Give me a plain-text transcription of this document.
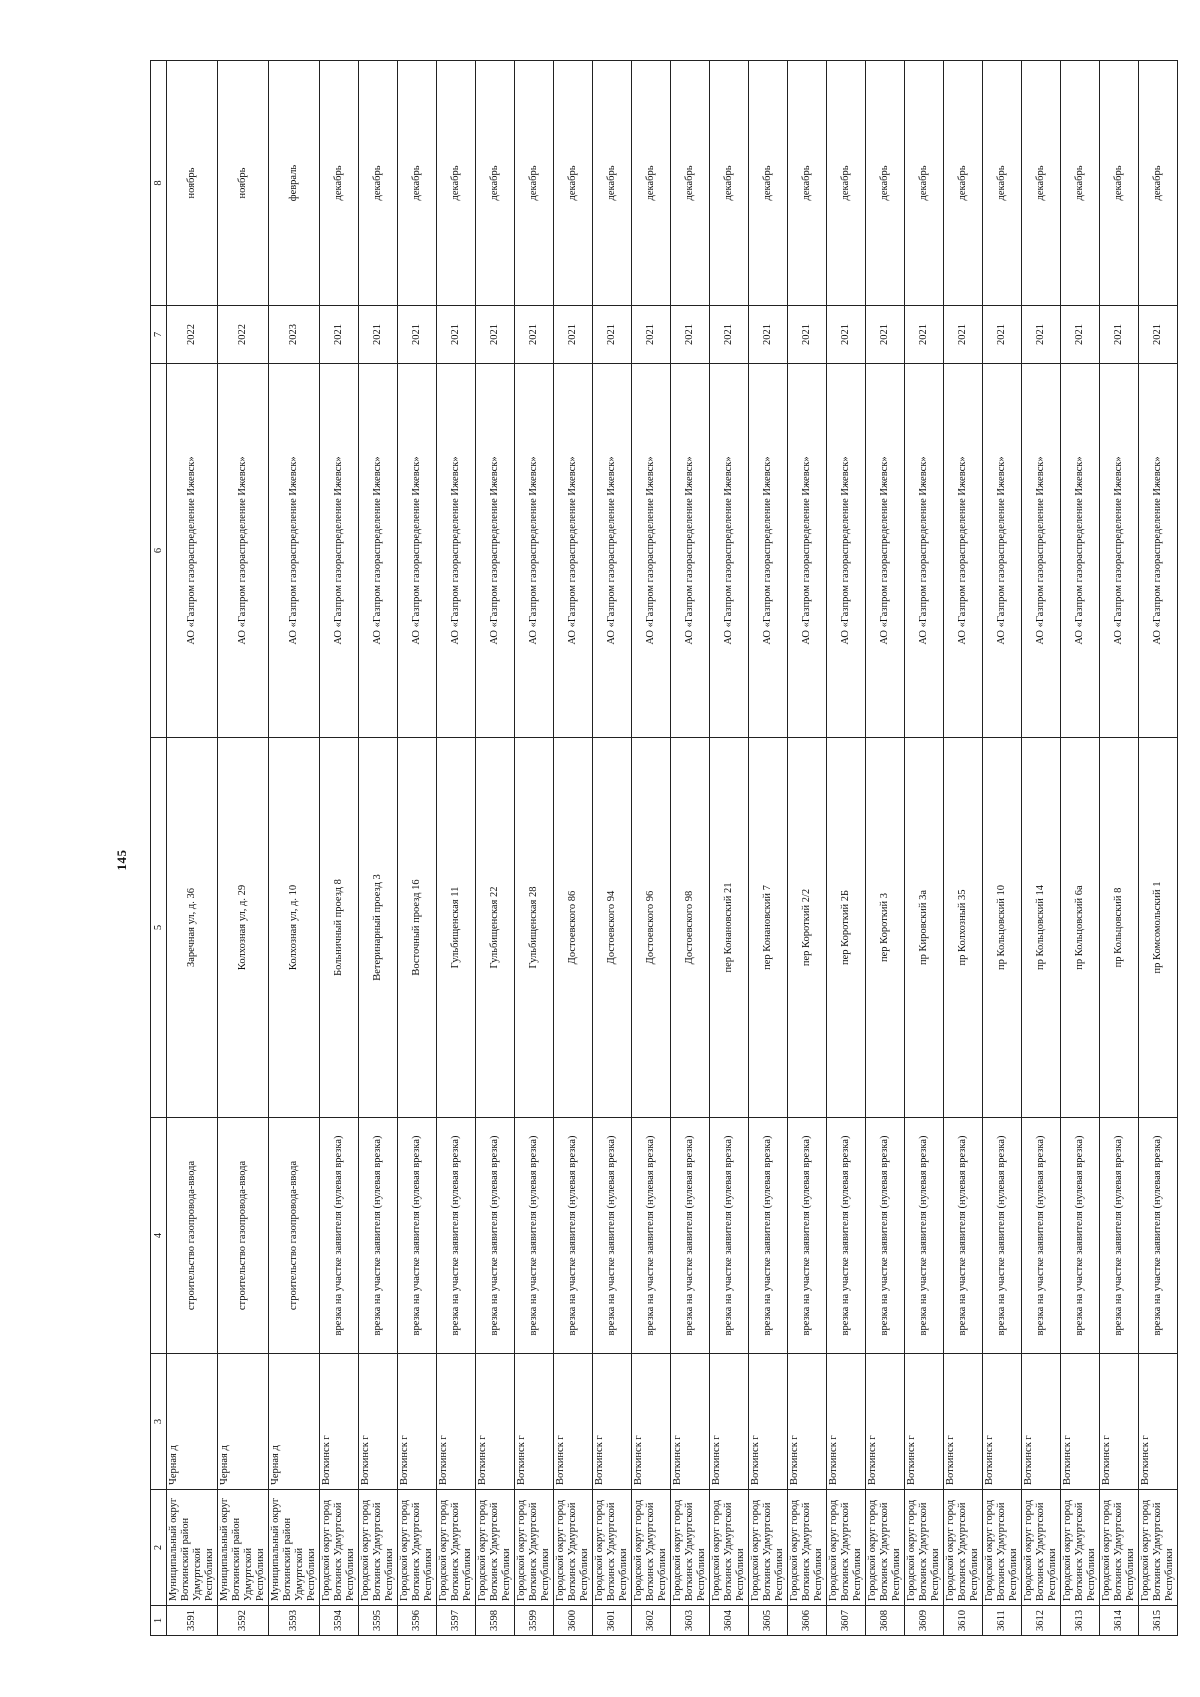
145
1	2	3	4	5	6	7	8
3591	Муниципальный округ Воткинский район Удмуртской Республики	Черная д	строительство газопровода-ввода	Заречная ул, д. 36	АО «Газпром газораспределение Ижевск»	2022	ноябрь
3592	Муниципальный округ Воткинский район Удмуртской Республики	Черная д	строительство газопровода-ввода	Колхозная ул, д. 29	АО «Газпром газораспределение Ижевск»	2022	ноябрь
3593	Муниципальный округ Воткинский район Удмуртской Республики	Черная д	строительство газопровода-ввода	Колхозная ул, д. 10	АО «Газпром газораспределение Ижевск»	2023	февраль
3594	Городской округ город Воткинск Удмуртской Республики	Воткинск г	врезка на участке заявителя (нулевая врезка)	Больничный проезд 8	АО «Газпром газораспределение Ижевск»	2021	декабрь
3595	Городской округ город Воткинск Удмуртской Республики	Воткинск г	врезка на участке заявителя (нулевая врезка)	Ветеринарный проезд 3	АО «Газпром газораспределение Ижевск»	2021	декабрь
3596	Городской округ город Воткинск Удмуртской Республики	Воткинск г	врезка на участке заявителя (нулевая врезка)	Восточный проезд 16	АО «Газпром газораспределение Ижевск»	2021	декабрь
3597	Городской округ город Воткинск Удмуртской Республики	Воткинск г	врезка на участке заявителя (нулевая врезка)	Гульбищенская 11	АО «Газпром газораспределение Ижевск»	2021	декабрь
3598	Городской округ город Воткинск Удмуртской Республики	Воткинск г	врезка на участке заявителя (нулевая врезка)	Гульбищенская 22	АО «Газпром газораспределение Ижевск»	2021	декабрь
3599	Городской округ город Воткинск Удмуртской Республики	Воткинск г	врезка на участке заявителя (нулевая врезка)	Гульбищенская 28	АО «Газпром газораспределение Ижевск»	2021	декабрь
3600	Городской округ город Воткинск Удмуртской Республики	Воткинск г	врезка на участке заявителя (нулевая врезка)	Достоевского 86	АО «Газпром газораспределение Ижевск»	2021	декабрь
3601	Городской округ город Воткинск Удмуртской Республики	Воткинск г	врезка на участке заявителя (нулевая врезка)	Достоевского 94	АО «Газпром газораспределение Ижевск»	2021	декабрь
3602	Городской округ город Воткинск Удмуртской Республики	Воткинск г	врезка на участке заявителя (нулевая врезка)	Достоевского 96	АО «Газпром газораспределение Ижевск»	2021	декабрь
3603	Городской округ город Воткинск Удмуртской Республики	Воткинск г	врезка на участке заявителя (нулевая врезка)	Достоевского 98	АО «Газпром газораспределение Ижевск»	2021	декабрь
3604	Городской округ город Воткинск Удмуртской Республики	Воткинск г	врезка на участке заявителя (нулевая врезка)	пер Конановский 21	АО «Газпром газораспределение Ижевск»	2021	декабрь
3605	Городской округ город Воткинск Удмуртской Республики	Воткинск г	врезка на участке заявителя (нулевая врезка)	пер Конановский 7	АО «Газпром газораспределение Ижевск»	2021	декабрь
3606	Городской округ город Воткинск Удмуртской Республики	Воткинск г	врезка на участке заявителя (нулевая врезка)	пер Короткий 2/2	АО «Газпром газораспределение Ижевск»	2021	декабрь
3607	Городской округ город Воткинск Удмуртской Республики	Воткинск г	врезка на участке заявителя (нулевая врезка)	пер Короткий 2Б	АО «Газпром газораспределение Ижевск»	2021	декабрь
3608	Городской округ город Воткинск Удмуртской Республики	Воткинск г	врезка на участке заявителя (нулевая врезка)	пер Короткий 3	АО «Газпром газораспределение Ижевск»	2021	декабрь
3609	Городской округ город Воткинск Удмуртской Республики	Воткинск г	врезка на участке заявителя (нулевая врезка)	пр Кировский 3а	АО «Газпром газораспределение Ижевск»	2021	декабрь
3610	Городской округ город Воткинск Удмуртской Республики	Воткинск г	врезка на участке заявителя (нулевая врезка)	пр Колхозный 35	АО «Газпром газораспределение Ижевск»	2021	декабрь
3611	Городской округ город Воткинск Удмуртской Республики	Воткинск г	врезка на участке заявителя (нулевая врезка)	пр Кольцовский 10	АО «Газпром газораспределение Ижевск»	2021	декабрь
3612	Городской округ город Воткинск Удмуртской Республики	Воткинск г	врезка на участке заявителя (нулевая врезка)	пр Кольцовский 14	АО «Газпром газораспределение Ижевск»	2021	декабрь
3613	Городской округ город Воткинск Удмуртской Республики	Воткинск г	врезка на участке заявителя (нулевая врезка)	пр Кольцовский 6а	АО «Газпром газораспределение Ижевск»	2021	декабрь
3614	Городской округ город Воткинск Удмуртской Республики	Воткинск г	врезка на участке заявителя (нулевая врезка)	пр Кольцовский 8	АО «Газпром газораспределение Ижевск»	2021	декабрь
3615	Городской округ город Воткинск Удмуртской Республики	Воткинск г	врезка на участке заявителя (нулевая врезка)	пр Комсомольский 1	АО «Газпром газораспределение Ижевск»	2021	декабрь
